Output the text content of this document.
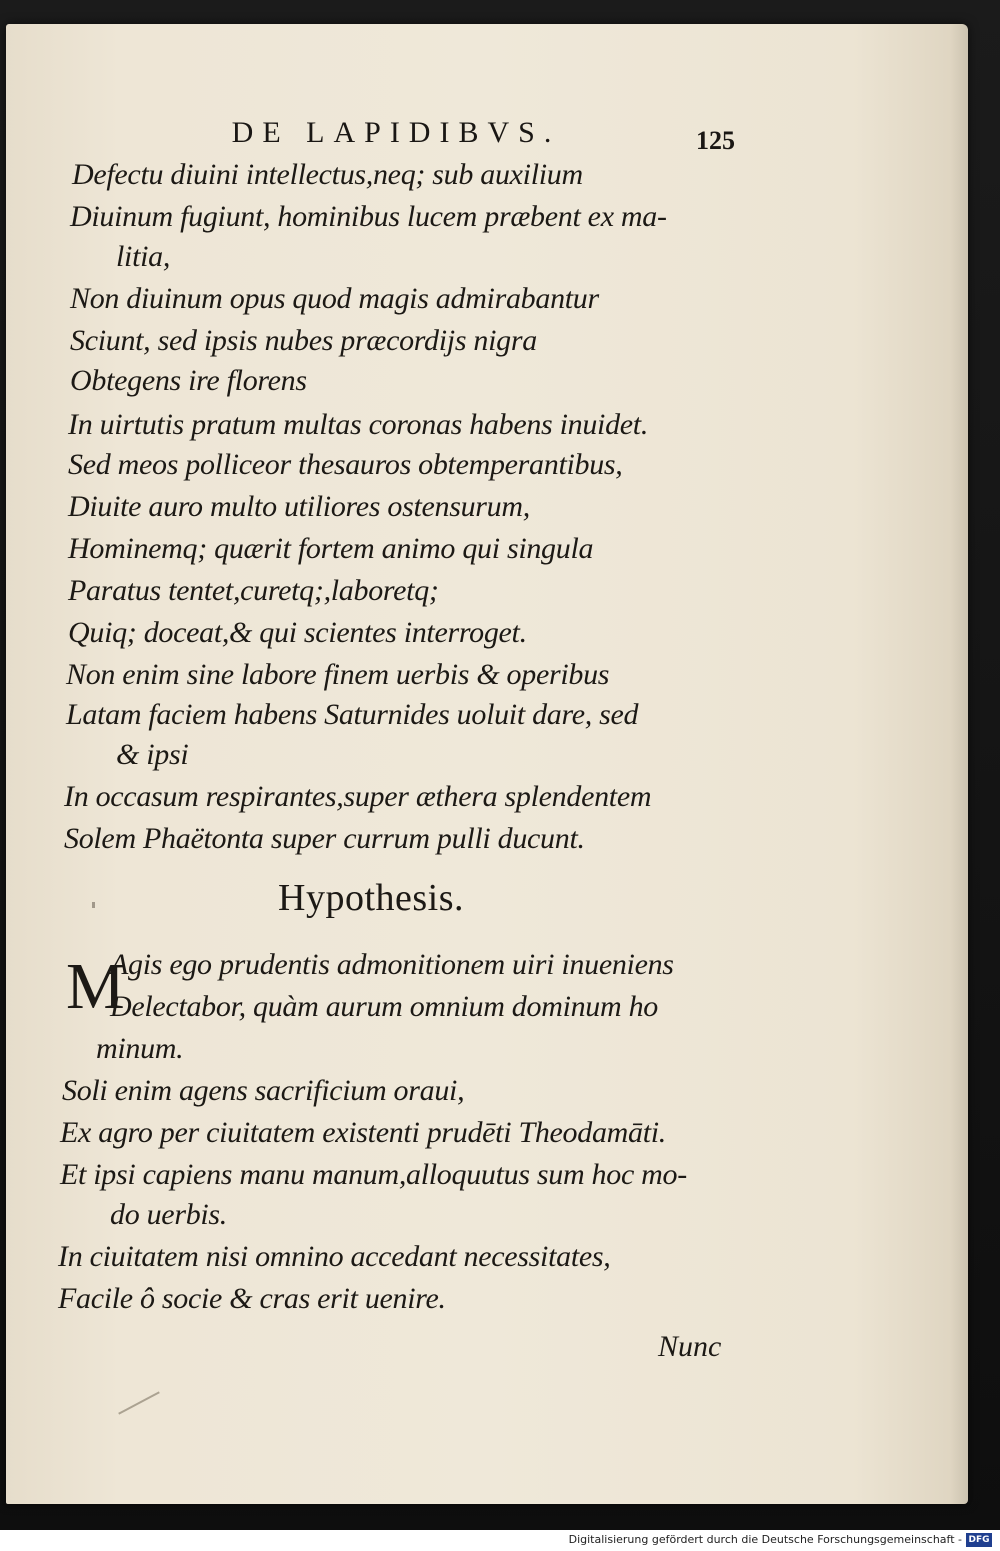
DE LAPIDIBVS.	125
Defectu diuini intellectus,neq; sub auxilium
Diuinum fugiunt, hominibus lucem præbent ex ma-
litia,
Non diuinum opus quod magis admirabantur
Sciunt, sed ipsis nubes præcordijs nigra
Obtegens ire florens
In uirtutis pratum multas coronas habens inuidet.
Sed meos polliceor thesauros obtemperantibus,
Diuite auro multo utiliores ostensurum,
Hominemq; quærit fortem animo qui singula
Paratus tentet,curetq;,laboretq;
Quiq; doceat,& qui scientes interroget.
Non enim sine labore finem uerbis & operibus
Latam faciem habens Saturnides uoluit dare, sed
& ipsi
In occasum respirantes,super æthera splendentem
Solem Phaëtonta super currum pulli ducunt.
Hypothesis.
M
Agis ego prudentis admonitionem uiri inueniens
Delectabor, quàm aurum omnium dominum ho
minum.
Soli enim agens sacrificium oraui,
Ex agro per ciuitatem existenti prudēti Theodamāti.
Et ipsi capiens manu manum,alloquutus sum hoc mo-
do uerbis.
In ciuitatem nisi omnino accedant necessitates,
Facile ô socie & cras erit uenire.
Nunc
Digitalisierung gefördert durch die Deutsche Forschungsgemeinschaft - DFG
